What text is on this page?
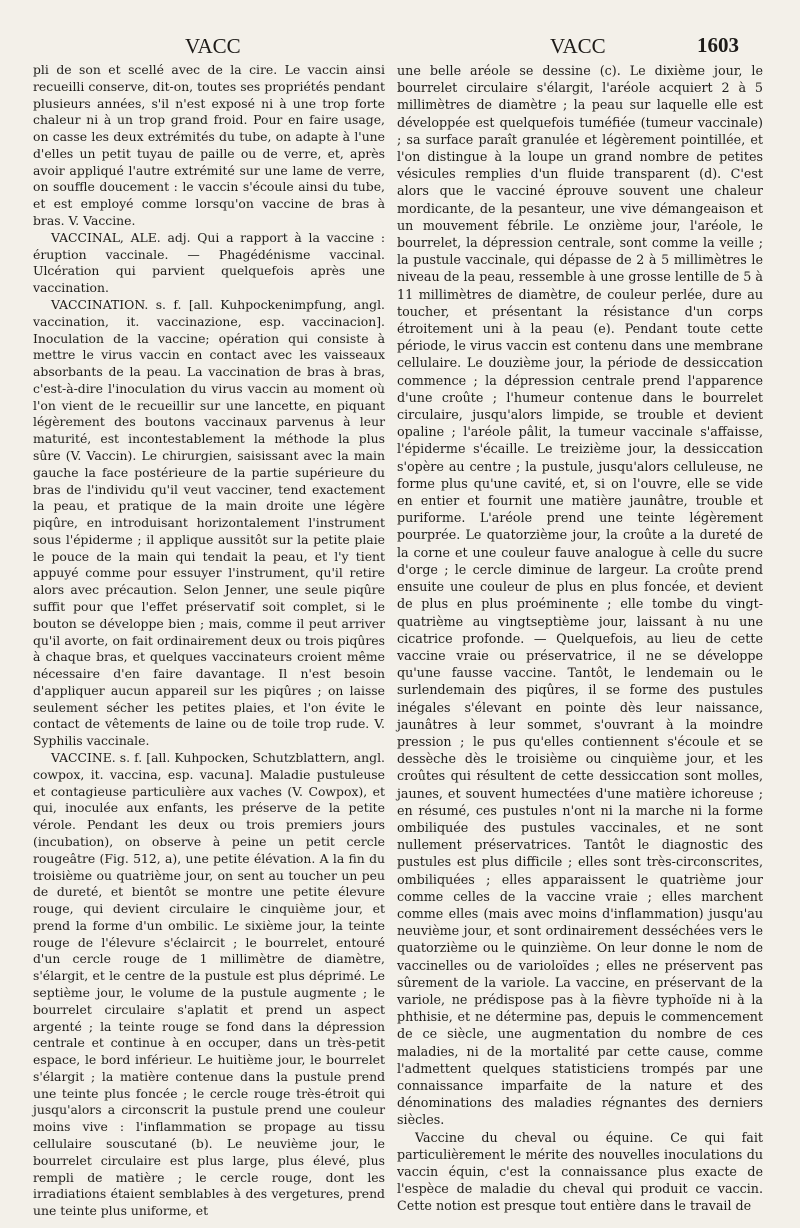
VACC	VACC	1603

pli de son et scellé avec de la cire. Le vaccin ainsi recueilli conserve, dit-on, toutes ses propriétés pendant plusieurs années, s'il n'est exposé ni à une trop forte chaleur ni à un trop grand froid. Pour en faire usage, on casse les deux extrémités du tube, on adapte à l'une d'elles un petit tuyau de paille ou de verre, et, après avoir appliqué l'autre extrémité sur une lame de verre, on souffle doucement : le vaccin s'écoule ainsi du tube, et est employé comme lorsqu'on vaccine de bras à bras. V. Vaccine.

VACCINAL, ALE. adj. Qui a rapport à la vaccine : éruption vaccinale. — Phagédénisme vaccinal. Ulcération qui parvient quelquefois après une vaccination.

VACCINATION. s. f. [all. Kuhpockenimpfung, angl. vaccination, it. vaccinazione, esp. vaccinacion]. Inoculation de la vaccine; opération qui consiste à mettre le virus vaccin en contact avec les vaisseaux absorbants de la peau. La vaccination de bras à bras, c'est-à-dire l'inoculation du virus vaccin au moment où l'on vient de le recueillir sur une lancette, en piquant légèrement des boutons vaccinaux parvenus à leur maturité, est incontestablement la méthode la plus sûre (V. Vaccin). Le chirurgien, saisissant avec la main gauche la face postérieure de la partie supérieure du bras de l'individu qu'il veut vacciner, tend exactement la peau, et pratique de la main droite une légère piqûre, en introduisant horizontalement l'instrument sous l'épiderme ; il applique aussitôt sur la petite plaie le pouce de la main qui tendait la peau, et l'y tient appuyé comme pour essuyer l'instrument, qu'il retire alors avec précaution. Selon Jenner, une seule piqûre suffit pour que l'effet préservatif soit complet, si le bouton se développe bien ; mais, comme il peut arriver qu'il avorte, on fait ordinairement deux ou trois piqûres à chaque bras, et quelques vaccinateurs croient même nécessaire d'en faire davantage. Il n'est besoin d'appliquer aucun appareil sur les piqûres ; on laisse seulement sécher les petites plaies, et l'on évite le contact de vêtements de laine ou de toile trop rude. V. Syphilis vaccinale.

VACCINE. s. f. [all. Kuhpocken, Schutzblattern, angl. cowpox, it. vaccina, esp. vacuna]. Maladie pustuleuse et contagieuse particulière aux vaches (V. Cowpox), et qui, inoculée aux enfants, les préserve de la petite vérole. Pendant les deux ou trois premiers jours (incubation), on observe à peine un petit cercle rougeâtre (Fig. 512, a), une petite élévation. A la fin du troisième ou quatrième jour, on sent au toucher un peu de dureté, et bientôt se montre une petite élevure rouge, qui devient circulaire le cinquième jour, et prend la forme d'un ombilic. Le sixième jour, la teinte rouge de l'élevure s'éclaircit ; le bourrelet, entouré d'un cercle rouge de 1 millimètre de diamètre, s'élargit, et le centre de la pustule est plus déprimé. Le septième jour, le volume de la pustule augmente ; le bourrelet circulaire s'aplatit et prend un aspect argenté ; la teinte rouge se fond dans la dépression centrale et continue à en occuper, dans un très-petit espace, le bord inférieur. Le huitième jour, le bourrelet s'élargit ; la matière contenue dans la pustule prend une teinte plus foncée ; le cercle rouge très-étroit qui jusqu'alors a circonscrit la pustule prend une couleur moins vive : l'inflammation se propage au tissu cellulaire souscutané (b). Le neuvième jour, le bourrelet circulaire est plus large, plus élevé, plus rempli de matière ; le cercle rouge, dont les irradiations étaient semblables à des vergetures, prend une teinte plus uniforme, et

une belle aréole se dessine (c). Le dixième jour, le bourrelet circulaire s'élargit, l'aréole acquiert 2 à 5 millimètres de diamètre ; la peau sur laquelle elle est développée est quelquefois tuméfiée (tumeur vaccinale) ; sa surface paraît granulée et légèrement pointillée, et l'on distingue à la loupe un grand nombre de petites vésicules remplies d'un fluide transparent (d). C'est alors que le vacciné éprouve souvent une chaleur mordicante, de la pesanteur, une vive démangeaison et un mouvement fébrile. Le onzième jour, l'aréole, le bourrelet, la dépression centrale, sont comme la veille ; la pustule vaccinale, qui dépasse de 2 à 5 millimètres le niveau de la peau, ressemble à une grosse lentille de 5 à 11 millimètres de diamètre, de couleur perlée, dure au toucher, et présentant la résistance d'un corps étroitement uni à la peau (e). Pendant toute cette période, le virus vaccin est contenu dans une membrane cellulaire. Le douzième jour, la période de dessiccation commence ; la dépression centrale prend l'apparence d'une croûte ; l'humeur contenue dans le bourrelet circulaire, jusqu'alors limpide, se trouble et devient opaline ; l'aréole pâlit, la tumeur vaccinale s'affaisse, l'épiderme s'écaille. Le treizième jour, la dessiccation s'opère au centre ; la pustule, jusqu'alors celluleuse, ne forme plus qu'une cavité, et, si on l'ouvre, elle se vide en entier et fournit une matière jaunâtre, trouble et puriforme. L'aréole prend une teinte légèrement pourprée. Le quatorzième jour, la croûte a la dureté de la corne et une couleur fauve analogue à celle du sucre d'orge ; le cercle diminue de largeur. La croûte prend ensuite une couleur de plus en plus foncée, et devient de plus en plus proéminente ; elle tombe du vingt-quatrième au vingtseptième jour, laissant à nu une cicatrice profonde. — Quelquefois, au lieu de cette vaccine vraie ou préservatrice, il ne se développe qu'une fausse vaccine. Tantôt, le lendemain ou le surlendemain des piqûres, il se forme des pustules inégales s'élevant en pointe dès leur naissance, jaunâtres à leur sommet, s'ouvrant à la moindre pression ; le pus qu'elles contiennent s'écoule et se dessèche dès le troisième ou cinquième jour, et les croûtes qui résultent de cette dessiccation sont molles, jaunes, et souvent humectées d'une matière ichoreuse ; en résumé, ces pustules n'ont ni la marche ni la forme ombiliquée des pustules vaccinales, et ne sont nullement préservatrices. Tantôt le diagnostic des pustules est plus difficile ; elles sont très-circonscrites, ombiliquées ; elles apparaissent le quatrième jour comme celles de la vaccine vraie ; elles marchent comme elles (mais avec moins d'inflammation) jusqu'au neuvième jour, et sont ordinairement desséchées vers le quatorzième ou le quinzième. On leur donne le nom de vaccinelles ou de varioloïdes ; elles ne préservent pas sûrement de la variole. La vaccine, en préservant de la variole, ne prédispose pas à la fièvre typhoïde ni à la phthisie, et ne détermine pas, depuis le commencement de ce siècle, une augmentation du nombre de ces maladies, ni de la mortalité par cette cause, comme l'admettent quelques statisticiens trompés par une connaissance imparfaite de la nature et des dénominations des maladies régnantes des derniers siècles.

Vaccine du cheval ou équine. Ce qui fait particulièrement le mérite des nouvelles inoculations du vaccin équin, c'est la connaissance plus exacte de l'espèce de maladie du cheval qui produit ce vaccin. Cette notion est presque tout entière dans le travail de
